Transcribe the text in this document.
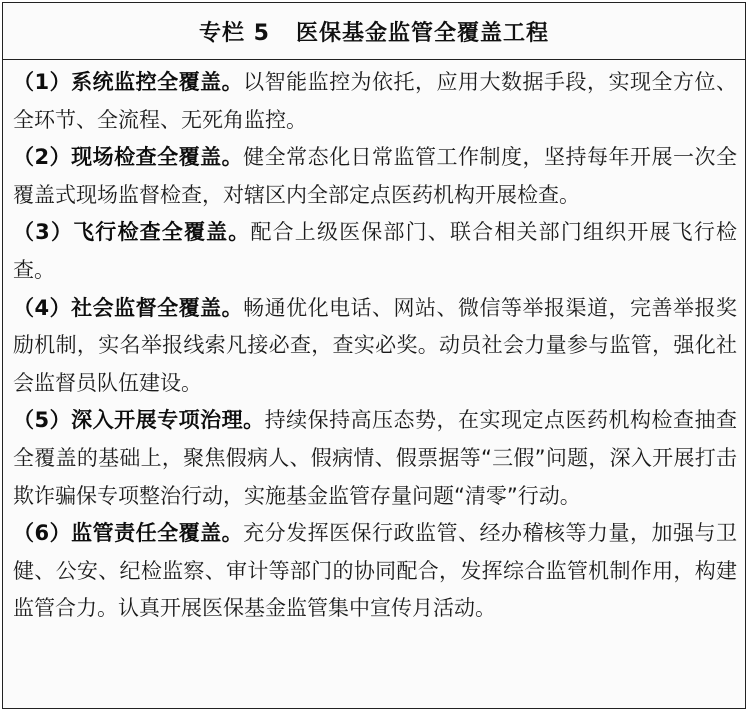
专栏 5 医保基金监管全覆盖工程

（1）系统监控全覆盖。以智能监控为依托，应用大数据手段，实现全方位、全环节、全流程、无死角监控。

（2）现场检查全覆盖。健全常态化日常监管工作制度，坚持每年开展一次全覆盖式现场监督检查，对辖区内全部定点医药机构开展检查。

（3）飞行检查全覆盖。配合上级医保部门、联合相关部门组织开展飞行检查。

（4）社会监督全覆盖。畅通优化电话、网站、微信等举报渠道，完善举报奖励机制，实名举报线索凡接必查，查实必奖。动员社会力量参与监管，强化社会监督员队伍建设。

（5）深入开展专项治理。持续保持高压态势，在实现定点医药机构检查抽查全覆盖的基础上，聚焦假病人、假病情、假票据等“三假”问题，深入开展打击欺诈骗保专项整治行动，实施基金监管存量问题“清零”行动。

（6）监管责任全覆盖。充分发挥医保行政监管、经办稽核等力量，加强与卫健、公安、纪检监察、审计等部门的协同配合，发挥综合监管机制作用，构建监管合力。认真开展医保基金监管集中宣传月活动。
